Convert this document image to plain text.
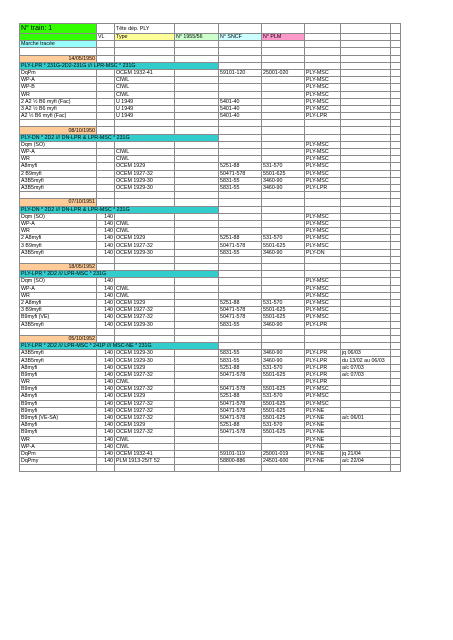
N° train: 1		Tête dép. PLY						
	VL	Type	N° 1955/56	N° SNCF	N° PLM			
Marche tracée								

14/05/1950								
PLY-LPR * 231G-2D2-231G /// LPR-MSC * 231G								
DqPm		OCEM 1932-41		59101-120	25001-020	PLY-MSC		
WP-A		CIWL				PLY-MSC		
WP-B		CIWL				PLY-MSC		
WR		CIWL				PLY-MSC		
2 A2 ½ B6 myfi (Fac)		U 1949		5401-40		PLY-MSC		
3 A2 ½ B6 myfi		U 1949		5401-40		PLY-MSC		
A2 ½ B6 myfi (Fac)		U 1949		5401-40		PLY-LPR		

08/10/1950								
PLY-DN * 2D2 /// DN-LPR & LPR-MSC * 231G								
Dqm (SO)						PLY-MSC		
WP-A		CIWL				PLY-MSC		
WR		CIWL				PLY-MSC		
A8myfi		OCEM 1929		5251-88	531-570	PLY-MSC		
2 B9myfi		OCEM 1927-32		50471-578	5501-625	PLY-MSC		
A3B5myfi		OCEM 1929-30		5831-55	3460-90	PLY-MSC		
A3B5myfi		OCEM 1929-30		5831-55	3460-90	PLY-LPR		

07/10/1951								
PLY-DN * 2D2 /// DN-LPR & LPR-MSC * 231G								
Dqm (SO)	140					PLY-MSC		
WP-A	140	CIWL				PLY-MSC		
WR	140	CIWL				PLY-MSC		
2 A8myfi	140	OCEM 1929		5251-88	531-570	PLY-MSC		
3 B9myfi	140	OCEM 1927-32		50471-578	5501-625	PLY-MSC		
A3B5myfi	140	OCEM 1929-30		5831-55	3460-90	PLY-DN		

18/05/1952								
PLY-LPR * 2D2 /// LPR-MSC * 231G								
Dqm (SO)	140					PLY-MSC		
WP-A	140	CIWL				PLY-MSC		
WR	140	CIWL				PLY-MSC		
2 A8myfi	140	OCEM 1929		5251-88	531-570	PLY-MSC		
3 B9myfi	140	OCEM 1927-32		50471-578	5501-625	PLY-MSC		
B9myfi (VE)	140	OCEM 1927-32		50471-578	5501-625	PLY-MSC		
A3B5myfi	140	OCEM 1929-30		5831-55	3460-90	PLY-LPR		

05/10/1952								
PLY-LPR * 2D2 /// LPR-MSC * 241P /// MSC-NE * 231G								
A3B5myfi	140	OCEM 1929-30		5831-55	3460-90	PLY-LPR	jq 06/03	
A3B5myfi	140	OCEM 1929-30		5831-55	3460-90	PLY-LPR	du 13/02 au 06/03	
A8myfi	140	OCEM 1929		5251-88	531-570	PLY-LPR	a/c 07/03	
B9myfi	140	OCEM 1927-32		50471-578	5501-625	PLY-LPR	a/c 07/03	
WR	140	CIWL				PLY-LPR		
B9myfi	140	OCEM 1927-32		50471-578	5501-625	PLY-MSC		
A8myfi	140	OCEM 1929		5251-88	531-570	PLY-MSC		
B9myfi	140	OCEM 1927-32		50471-578	5501-625	PLY-MSC		
B9myfi	140	OCEM 1927-32		50471-578	5501-625	PLY-NE		
B9myfi (VE-SA)	140	OCEM 1927-32		50471-578	5501-625	PLY-NE	a/c 06/01	
A8myfi	140	OCEM 1929		5251-88	531-570	PLY-NE		
B9myfi	140	OCEM 1927-32		50471-578	5501-625	PLY-NE		
WR	140	CIWL				PLY-NE		
WP-A	140	CIWL				PLY-NE		
DqPm	140	OCEM 1932-41		59101-119	25001-019	PLY-NE	jq 21/04	
DqPmy	140	PLM 1913-25/T 52		58800-886	24501-600	PLY-NE	a/c 22/04	
